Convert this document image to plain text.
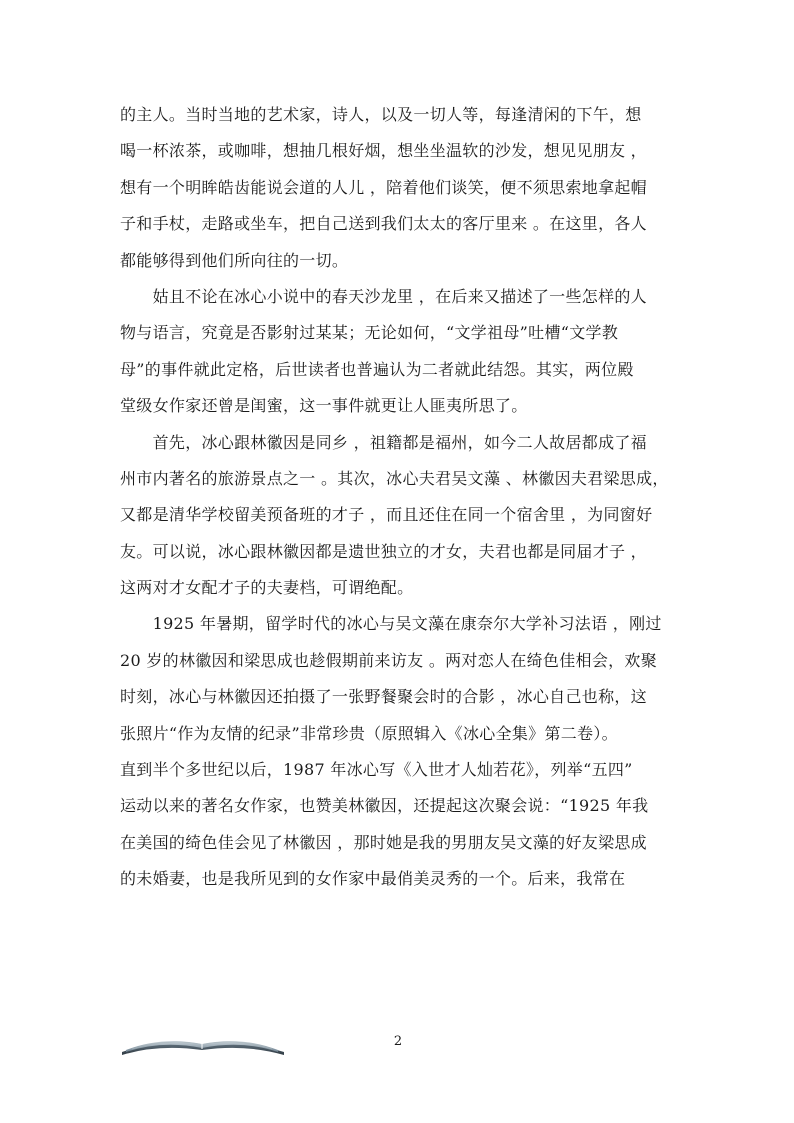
的主人。当时当地的艺术家，诗人，以及一切人等，每逢清闲的下午，想
喝一杯浓茶，或咖啡，想抽几根好烟，想坐坐温软的沙发，想见见朋友 ，
想有一个明眸皓齿能说会道的人儿 ，陪着他们谈笑，便不须思索地拿起帽
子和手杖，走路或坐车，把自己送到我们太太的客厅里来 。在这里，各人
都能够得到他们所向往的一切。
　　姑且不论在冰心小说中的春天沙龙里 ，在后来又描述了一些怎样的人
物与语言，究竟是否影射过某某；无论如何，“文学祖母”吐槽“文学教
母”的事件就此定格，后世读者也普遍认为二者就此结怨。其实，两位殿
堂级女作家还曾是闺蜜，这一事件就更让人匪夷所思了。
　　首先，冰心跟林徽因是同乡 ，祖籍都是福州，如今二人故居都成了福
州市内著名的旅游景点之一 。其次，冰心夫君吴文藻 、林徽因夫君梁思成，
又都是清华学校留美预备班的才子 ，而且还住在同一个宿舍里 ，为同窗好
友。可以说，冰心跟林徽因都是遗世独立的才女，夫君也都是同届才子 ，
这两对才女配才子的夫妻档，可谓绝配。
　　1925 年暑期，留学时代的冰心与吴文藻在康奈尔大学补习法语 ，刚过
20 岁的林徽因和梁思成也趁假期前来访友 。两对恋人在绮色佳相会，欢聚
时刻，冰心与林徽因还拍摄了一张野餐聚会时的合影 ，冰心自己也称，这
张照片“作为友情的纪录”非常珍贵（原照辑入《冰心全集》第二卷）。
直到半个多世纪以后，1987 年冰心写《入世才人灿若花》，列举“五四”
运动以来的著名女作家，也赞美林徽因，还提起这次聚会说：“1925 年我
在美国的绮色佳会见了林徽因 ，那时她是我的男朋友吴文藻的好友梁思成
的未婚妻，也是我所见到的女作家中最俏美灵秀的一个。后来，我常在
2
